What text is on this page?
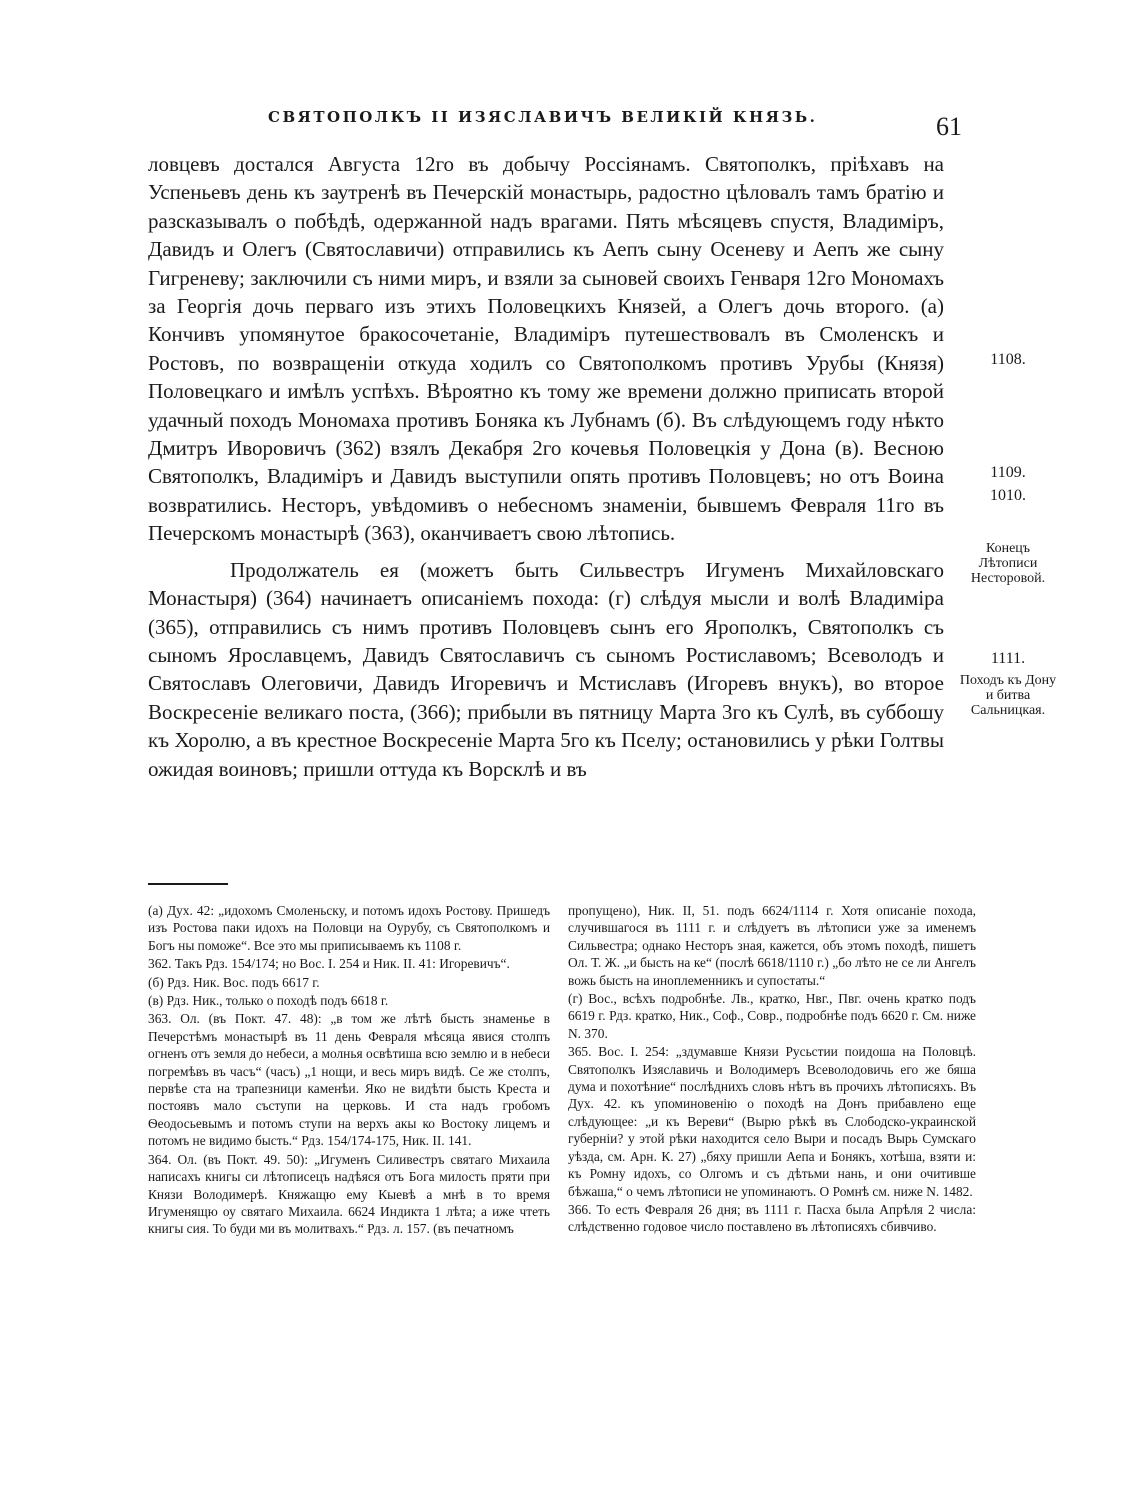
СВЯТОПОЛКЪ II ИЗЯСЛАВИЧЪ ВЕЛИКІЙ КНЯЗЬ.	61

ловцевъ досталcя Августа 12го въ добычу Россіянамъ. Святополкъ, пріѣхавъ на Успеньевъ день къ заутренѣ въ Печерскій монастырь, радостно цѣловалъ тамъ братію и разсказывалъ о побѣдѣ, одержанной надъ врагами. Пять мѣсяцевъ спустя, Владиміръ, Давидъ и Олегъ (Святославичи) отправились къ Аепъ сыну Осеневу и Аепъ же сыну Гигреневу; заключили съ ними миръ, и взяли за сыновей своихъ Генваря 12го Мономахъ за Георгія дочь перваго изъ этихъ Половецкихъ Князей, а Олегъ дочь второго. (а) Кончивъ упомянутое бракосочетаніе, Владиміръ путешествовалъ въ Смоленскъ и Ростовъ, по возвращеніи откуда ходилъ со Святополкомъ противъ Урубы (Князя) Половецкаго и имѣлъ успѣхъ. Вѣроятно къ тому же времени должно приписать второй удачный походъ Мономаха противъ Боняка къ Лубнамъ (б). Въ слѣдующемъ году нѣкто Дмитръ Иворовичъ (362) взялъ Декабря 2го кочевья Половецкія у Дона (в). Весною Святополкъ, Владиміръ и Давидъ выступили опять противъ Половцевъ; но отъ Воина возвратились. Несторъ, увѣдомивъ о небесномъ знаменіи, бывшемъ Февраля 11го въ Печерскомъ монастырѣ (363), оканчиваетъ свою лѣтопись.

Продолжатель ея (можетъ быть Сильвестръ Игуменъ Михайловскаго Монастыря) (364) начинаетъ описаніемъ похода: (г) слѣдуя мысли и волѣ Владиміра (365), отправились съ нимъ противъ Половцевъ сынъ его Ярополкъ, Святополкъ съ сыномъ Ярославцемъ, Давидъ Святославичъ съ сыномъ Ростиславомъ; Всеволодъ и Святославъ Олеговичи, Давидъ Игоревичъ и Мстиславъ (Игоревъ внукъ), во второе Воскресеніе великаго поста, (366); прибыли въ пятницу Марта 3го къ Сулѣ, въ суббошу къ Хоролю, а въ крестное Воскресеніе Марта 5го къ Пселу; остановились у рѣки Голтвы ожидая воиновъ; пришли оттуда къ Ворсклѣ и въ

1108.
1109.
1010.
Конецъ Лѣтописи Несторовой.
1111.
Походъ къ Дону и битва Сальницкая.

(а) Дух. 42: „идохомъ Смоленьску, и потомъ идохъ Ростову. Пришедъ изъ Ростова паки идохъ на Половци на Оурубу, съ Святополкомъ и Богъ ны поможе“. Все это мы приписываемъ къ 1108 г.

362. Такъ Рдз. 154/174; но Вос. I. 254 и Ник. II. 41: Игоревичъ“.

(б) Рдз. Ник. Вос. подъ 6617 г.

(в) Рдз. Ник., только о походѣ подъ 6618 г.

363. Ол. (въ Покт. 47. 48): „в том же лѣтѣ бысть знаменье в Печерстѣмъ монастырѣ въ 11 день Февраля мѣсяца явися столпъ огненъ отъ земля до небеси, а молнья освѣтиша всю землю и в небеси погремѣвъ въ часъ“ (часъ) „1 нощи, и весь миръ видѣ. Се же столпъ, первѣе ста на трапезници каменѣи. Яко не видѣти бысть Креста и постоявъ мало съступи на церковь. И ста надъ гробомъ Ѳеодосьевымъ и потомъ ступи на верхъ акы ко Востоку лицемъ и потомъ не видимо бысть.“ Рдз. 154/174-175, Ник. II. 141.

364. Ол. (въ Покт. 49. 50): „Игуменъ Силивестръ святаго Михаила написахъ книгы си лѣтописецъ надѣяся отъ Бога милость пряти при Князи Володимерѣ. Княжащю ему Кыевѣ а мнѣ в то время Игуменящю оу святаго Михаила. 6624 Индикта 1 лѣта; а иже чтеть книгы сия. То буди ми въ молитвахъ.“ Рдз. л. 157. (въ печатномъ

пропущено), Ник. II, 51. подъ 6624/1114 г. Хотя описаніе похода, случившагося въ 1111 г. и слѣдуетъ въ лѣтописи уже за именемъ Сильвестра; однако Несторъ зная, кажется, объ этомъ походѣ, пишетъ Ол. Т. Ж. „и бысть на ке“ (послѣ 6618/1110 г.) „бо лѣто не се ли Ангелъ вожь бысть на иноплеменникъ и супостаты.“

(г) Вос., всѣхъ подробнѣе. Лв., кратко, Нвг., Пвг. очень кратко подъ 6619 г. Рдз. кратко, Ник., Соф., Совр., подробнѣе подъ 6620 г. См. ниже N. 370.

365. Вос. I. 254: „здумавше Князи Русьстии поидоша на Половцѣ. Святополкъ Изяславичь и Володимеръ Всеволодовичь его же бяша дума и похотѣние“ послѣднихъ словъ нѣтъ въ прочихъ лѣтописяхъ. Въ Дух. 42. къ упоминовенію о походѣ на Донъ прибавлено еще слѣдующее: „и къ Вереви“ (Вырю рѣкѣ въ Слободско-украинской губерніи? у этой рѣки находится село Выри и посадъ Вырь Сумскаго уѣзда, см. Арн. К. 27) „бяху пришли Аепа и Бонякъ, хотѣша, взяти и: къ Ромну идохъ, со Олгомъ и съ дѣтьми нань, и они очитивше бѣжаша,“ о чемъ лѣтописи не упоминаютъ. О Ромнѣ см. ниже N. 1482.

366. То есть Февраля 26 дня; въ 1111 г. Пасха была Апрѣля 2 числа: слѣдственно годовое число поставлено въ лѣтописяхъ сбивчиво.
